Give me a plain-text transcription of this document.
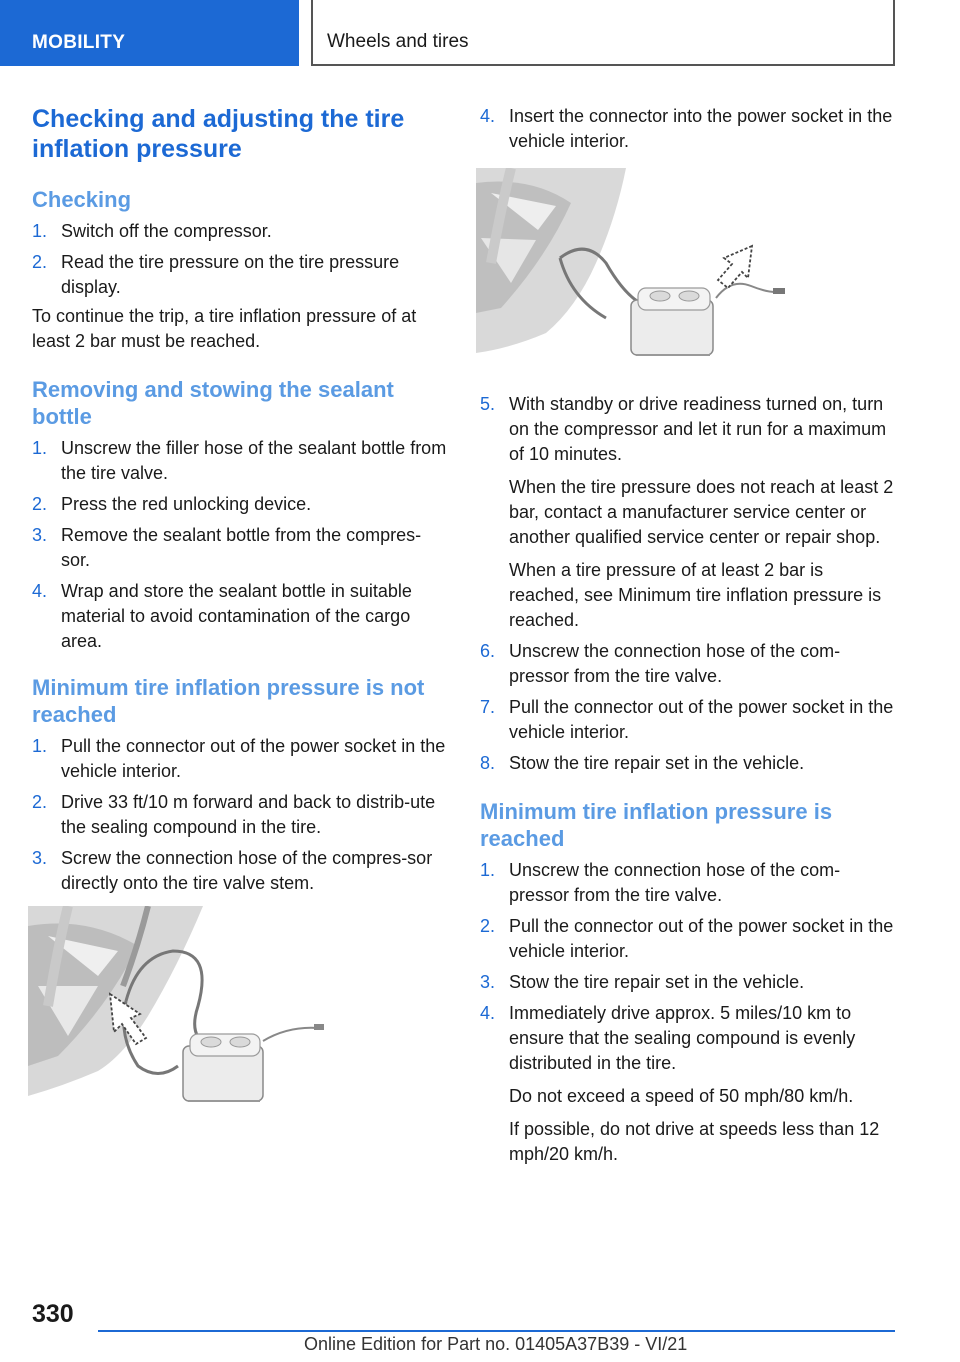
MOBILITY	Wheels and tires
Checking and adjusting the tire inflation pressure
Checking
1. Switch off the compressor.
2. Read the tire pressure on the tire pressure display.

To continue the trip, a tire inflation pressure of at least 2 bar must be reached.

Removing and stowing the sealant bottle
1. Unscrew the filler hose of the sealant bottle from the tire valve.
2. Press the red unlocking device.
3. Remove the sealant bottle from the compres-sor.
4. Wrap and store the sealant bottle in suitable material to avoid contamination of the cargo area.
Minimum tire inflation pressure is not reached
1. Pull the connector out of the power socket in the vehicle interior.
2. Drive 33 ft/10 m forward and back to distrib-ute the sealing compound in the tire.
3. Screw the connection hose of the compres-sor directly onto the tire valve stem.
4. Insert the connector into the power socket in the vehicle interior.
5. With standby or drive readiness turned on, turn on the compressor and let it run for a maximum of 10 minutes.
When the tire pressure does not reach at least 2 bar, contact a manufacturer service center or another qualified service center or repair shop.
When a tire pressure of at least 2 bar is reached, see Minimum tire inflation pressure is reached.
6. Unscrew the connection hose of the com-pressor from the tire valve.
7. Pull the connector out of the power socket in the vehicle interior.
8. Stow the tire repair set in the vehicle.
Minimum tire inflation pressure is reached
1. Unscrew the connection hose of the com-pressor from the tire valve.
2. Pull the connector out of the power socket in the vehicle interior.
3. Stow the tire repair set in the vehicle.
4. Immediately drive approx. 5 miles/10 km to ensure that the sealing compound is evenly distributed in the tire.
Do not exceed a speed of 50 mph/80 km/h.
If possible, do not drive at speeds less than 12 mph/20 km/h.
330
Online Edition for Part no. 01405A37B39 - VI/21
